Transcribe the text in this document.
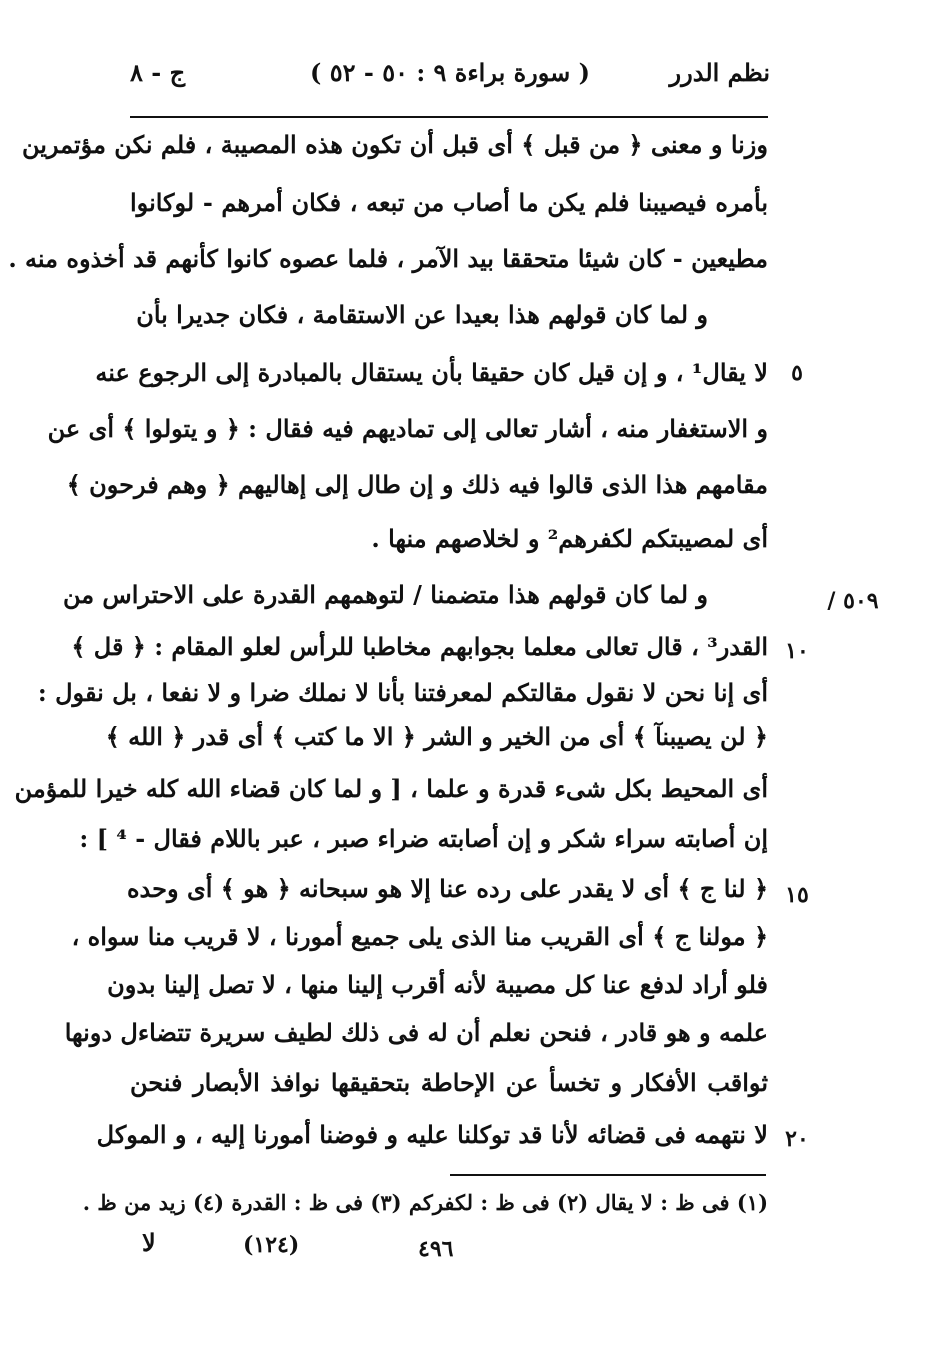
نظم الدرر
( سورة براءة ٩ : ٥٠ - ٥٢ )
ج - ٨
وزنا و معنى ﴿ من قبل ﴾ أى قبل أن تكون هذه المصيبة ، فلم نكن مؤتمرين
بأمره فيصيبنا فلم يكن ما أصاب من تبعه ، فكان أمرهم - لوكانوا
مطيعين - كان شيئا متحققا بيد الآمر ، فلما عصوه كانوا كأنهم قد أخذوه منه .
و لما كان قولهم هذا بعيدا عن الاستقامة ، فكان جديرا بأن
٥
لا يقال¹ ، و إن قيل كان حقيقا بأن يستقال بالمبادرة إلى الرجوع عنه
و الاستغفار منه ، أشار تعالى إلى تماديهم فيه فقال : ﴿ و يتولوا ﴾ أى عن
مقامهم هذا الذى قالوا فيه ذلك و إن طال إلى إهاليهم ﴿ وهم فرحون ﴾
أى لمصيبتكم لكفرهم² و لخلاصهم منها .
٥٠٩ /
و لما كان قولهم هذا متضمنا / لتوهمهم القدرة على الاحتراس من
١٠
القدر³ ، قال تعالى معلما بجوابهم مخاطبا للرأس لعلو المقام : ﴿ قل ﴾
أى إنا نحن لا نقول مقالتكم لمعرفتنا بأنا لا نملك ضرا و لا نفعا ، بل نقول :
﴿ لن يصيبنآ ﴾ أى من الخير و الشر ﴿ الا ما كتب ﴾ أى قدر ﴿ الله ﴾
أى المحيط بكل شىء قدرة و علما ، [ و لما كان قضاء الله كله خيرا للمؤمن
إن أصابته سراء شكر و إن أصابته ضراء صبر ، عبر باللام فقال - ⁴ ] :
١٥
﴿ لنا ج ﴾ أى لا يقدر على رده عنا إلا هو سبحانه ﴿ هو ﴾ أى وحده
﴿ مولنا ج ﴾ أى القريب منا الذى يلى جميع أمورنا ، لا قريب منا سواه ،
فلو أراد لدفع عنا كل مصيبة لأنه أقرب إلينا منها ، لا تصل إلينا بدون
علمه و هو قادر ، فنحن نعلم أن له فى ذلك لطيف سريرة تتضاءل دونها
ثواقب الأفكار و تخسأ عن الإحاطة بتحقيقها نوافذ الأبصار فنحن
٢٠
لا نتهمه فى قضائه لأنا قد توكلنا عليه و فوضنا أمورنا إليه ، و الموكل
(١) فى ظ : لا يقال (٢) فى ظ : لكفركم (٣) فى ظ : القدرة (٤) زيد من ظ .
لا	(١٢٤)	٤٩٦
